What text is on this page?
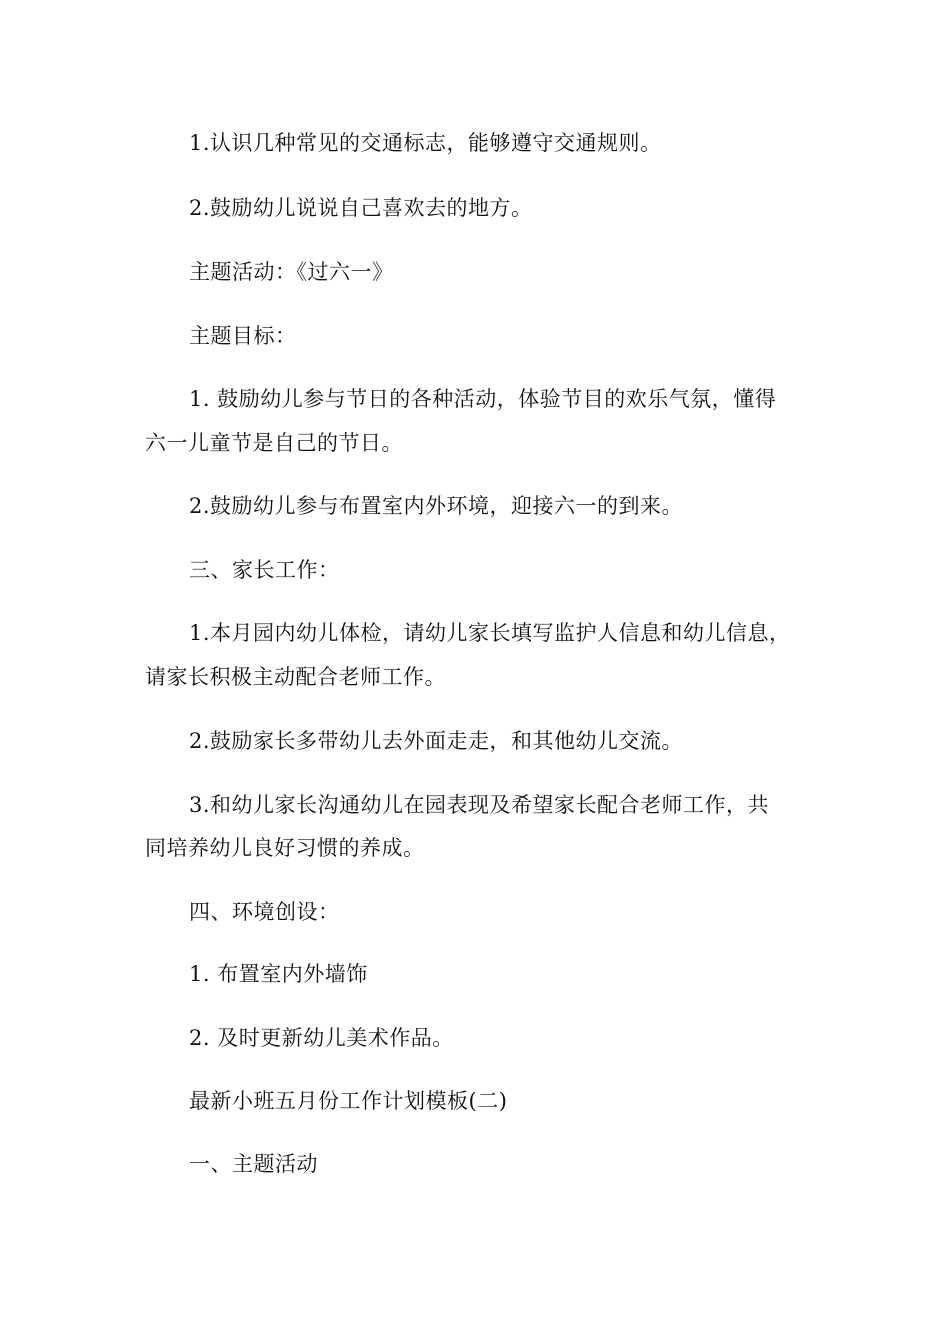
1.认识几种常见的交通标志，能够遵守交通规则。

2.鼓励幼儿说说自己喜欢去的地方。

主题活动：《过六一》

主题目标：

1. 鼓励幼儿参与节日的各种活动，体验节目的欢乐气氛，懂得

六一儿童节是自己的节日。

2.鼓励幼儿参与布置室内外环境，迎接六一的到来。

三、家长工作：

1.本月园内幼儿体检，请幼儿家长填写监护人信息和幼儿信息，

请家长积极主动配合老师工作。

2.鼓励家长多带幼儿去外面走走，和其他幼儿交流。

3.和幼儿家长沟通幼儿在园表现及希望家长配合老师工作，共

同培养幼儿良好习惯的养成。

四、环境创设：

1. 布置室内外墙饰

2. 及时更新幼儿美术作品。

最新小班五月份工作计划模板(二)

一、主题活动
